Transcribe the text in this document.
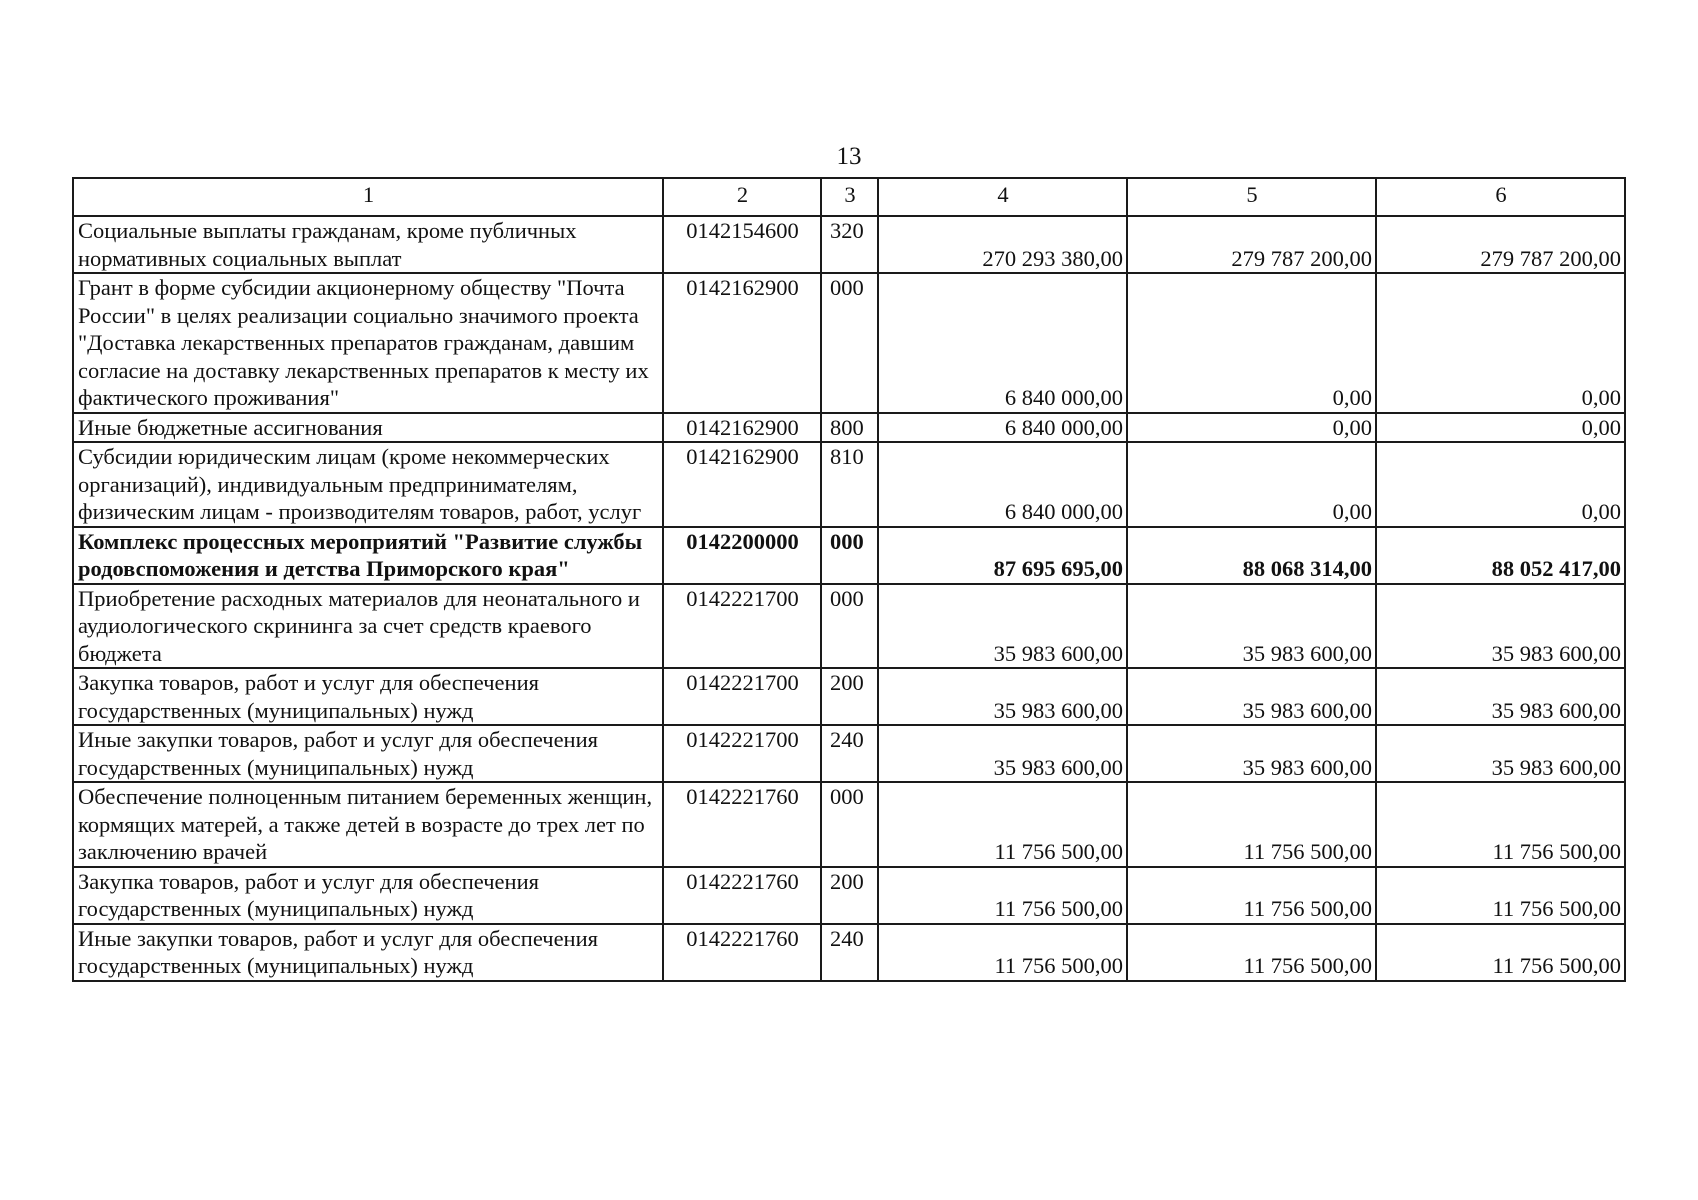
13
1	2	3	4	5	6
Социальные выплаты гражданам, кроме публичных нормативных социальных выплат	0142154600	320	270 293 380,00	279 787 200,00	279 787 200,00
Грант в форме субсидии акционерному обществу "Почта России" в целях реализации социально значимого проекта "Доставка лекарственных препаратов гражданам, давшим согласие на доставку лекарственных препаратов к месту их фактического проживания"	0142162900	000	6 840 000,00	0,00	0,00
Иные бюджетные ассигнования	0142162900	800	6 840 000,00	0,00	0,00
Субсидии юридическим лицам (кроме некоммерческих организаций), индивидуальным предпринимателям, физическим лицам - производителям товаров, работ, услуг	0142162900	810	6 840 000,00	0,00	0,00
Комплекс процессных мероприятий "Развитие службы родовспоможения и детства Приморского края"	0142200000	000	87 695 695,00	88 068 314,00	88 052 417,00
Приобретение расходных материалов для неонатального и аудиологического скрининга за счет средств краевого бюджета	0142221700	000	35 983 600,00	35 983 600,00	35 983 600,00
Закупка товаров, работ и услуг для обеспечения государственных (муниципальных) нужд	0142221700	200	35 983 600,00	35 983 600,00	35 983 600,00
Иные закупки товаров, работ и услуг для обеспечения государственных (муниципальных) нужд	0142221700	240	35 983 600,00	35 983 600,00	35 983 600,00
Обеспечение полноценным питанием беременных женщин, кормящих матерей, а также детей в возрасте до трех лет по заключению врачей	0142221760	000	11 756 500,00	11 756 500,00	11 756 500,00
Закупка товаров, работ и услуг для обеспечения государственных (муниципальных) нужд	0142221760	200	11 756 500,00	11 756 500,00	11 756 500,00
Иные закупки товаров, работ и услуг для обеспечения государственных (муниципальных) нужд	0142221760	240	11 756 500,00	11 756 500,00	11 756 500,00
